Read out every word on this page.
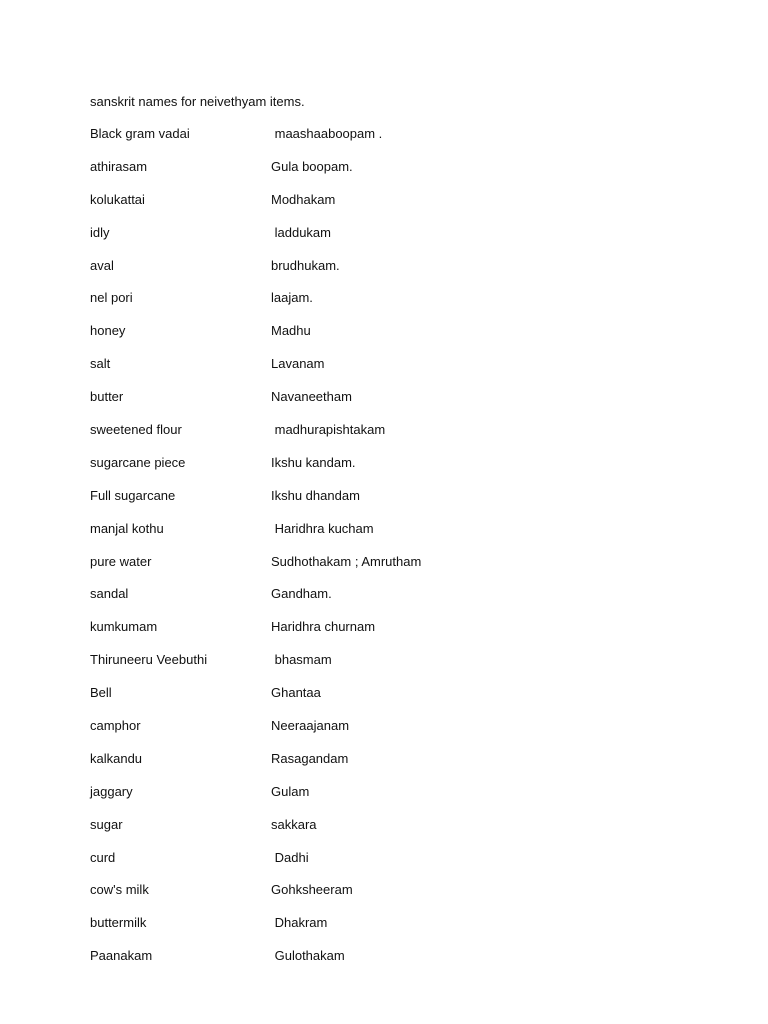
sanskrit names for neivethyam items.
Black gram vadai	maashaaboopam .
athirasam	Gula boopam.
kolukattai	Modhakam
idly	laddukam
aval	brudhukam.
nel pori	laajam.
honey	Madhu
salt	Lavanam
butter	Navaneetham
sweetened flour	madhurapishtakam
sugarcane piece	Ikshu kandam.
Full sugarcane	Ikshu dhandam
manjal kothu	Haridhra kucham
pure water	Sudhothakam ; Amrutham
sandal	Gandham.
kumkumam	Haridhra churnam
Thiruneeru Veebuthi	bhasmam
Bell	Ghantaa
camphor	Neeraajanam
kalkandu	Rasagandam
jaggary	Gulam
sugar	sakkara
curd	Dadhi
cow's milk	Gohksheeram
buttermilk	Dhakram
Paanakam	Gulothakam
